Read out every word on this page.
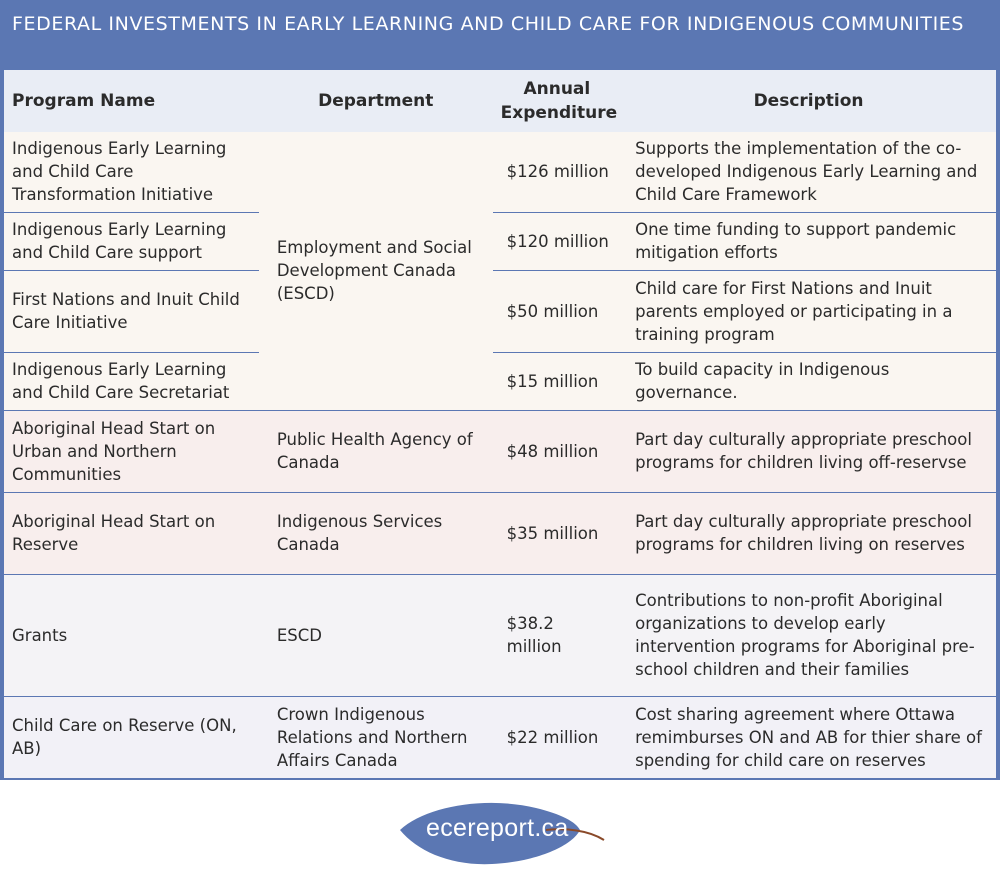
FEDERAL INVESTMENTS IN EARLY LEARNING AND CHILD CARE FOR INDIGENOUS COMMUNITIES
Program Name	Department	Annual Expenditure	Description
Indigenous Early Learning and Child Care Transformation Initiative	Employment and Social Development Canada (ESCD)	$126 million	Supports the implementation of the co-developed Indigenous Early Learning and Child Care Framework
Indigenous Early Learning and Child Care support		$120 million	One time funding to support pandemic mitigation efforts
First Nations and Inuit Child Care Initiative		$50 million	Child care for First Nations and Inuit parents employed or participating in a training program
Indigenous Early Learning and Child Care Secretariat		$15 million	To build capacity in Indigenous governance.
Aboriginal Head Start on Urban and Northern Communities	Public Health Agency of Canada	$48 million	Part day culturally appropriate preschool programs for children living off-reservse
Aboriginal Head Start on Reserve	Indigenous Services Canada	$35 million	Part day culturally appropriate preschool programs for children living on reserves
Grants	ESCD	$38.2 million	Contributions to non-profit Aboriginal organizations to develop early intervention programs for Aboriginal pre-school children and their families
Child Care on Reserve (ON, AB)	Crown Indigenous Relations and Northern Affairs Canada	$22 million	Cost sharing agreement where Ottawa remimburses ON and AB for thier share of spending for child care on reserves
ecereport.ca
